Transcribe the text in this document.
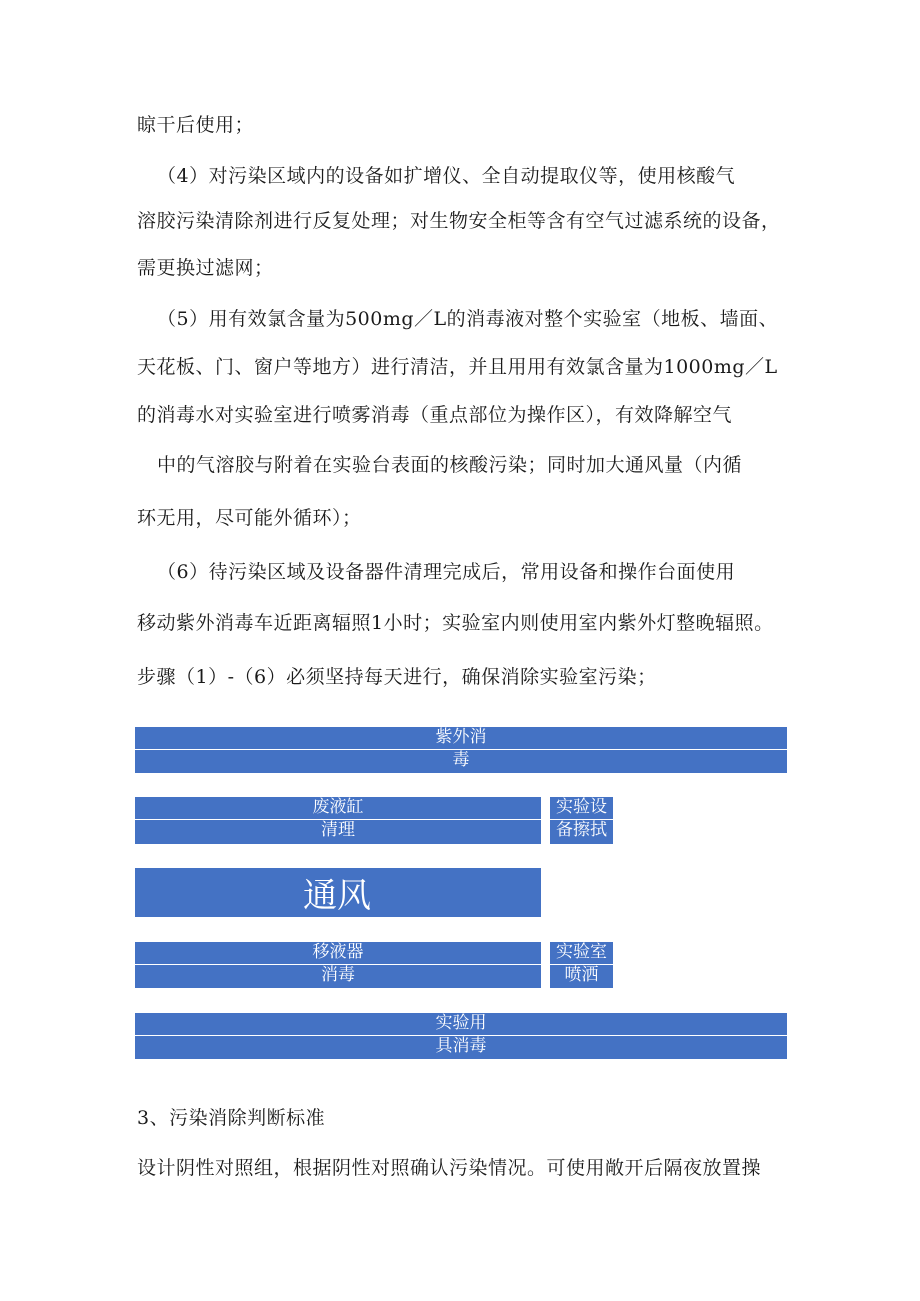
晾干后使用；
（4）对污染区域内的设备如扩增仪、全自动提取仪等，使用核酸气
溶胶污染清除剂进行反复处理；对生物安全柜等含有空气过滤系统的设备，
需更换过滤网；
（5）用有效氯含量为500mg／L的消毒液对整个实验室（地板、墙面、
天花板、门、窗户等地方）进行清洁，并且用用有效氯含量为1000mg／L
的消毒水对实验室进行喷雾消毒（重点部位为操作区），有效降解空气
中的气溶胶与附着在实验台表面的核酸污染；同时加大通风量（内循
环无用，尽可能外循环）；
（6）待污染区域及设备器件清理完成后，常用设备和操作台面使用
移动紫外消毒车近距离辐照1小时；实验室内则使用室内紫外灯整晚辐照。
步骤（1）-（6）必须坚持每天进行，确保消除实验室污染；
紫外消
毒
废液缸
清理
实验设
备擦拭
通风
移液器
消毒
实验室
喷洒
实验用
具消毒
3、污染消除判断标准
设计阴性对照组，根据阴性对照确认污染情况。可使用敞开后隔夜放置操
